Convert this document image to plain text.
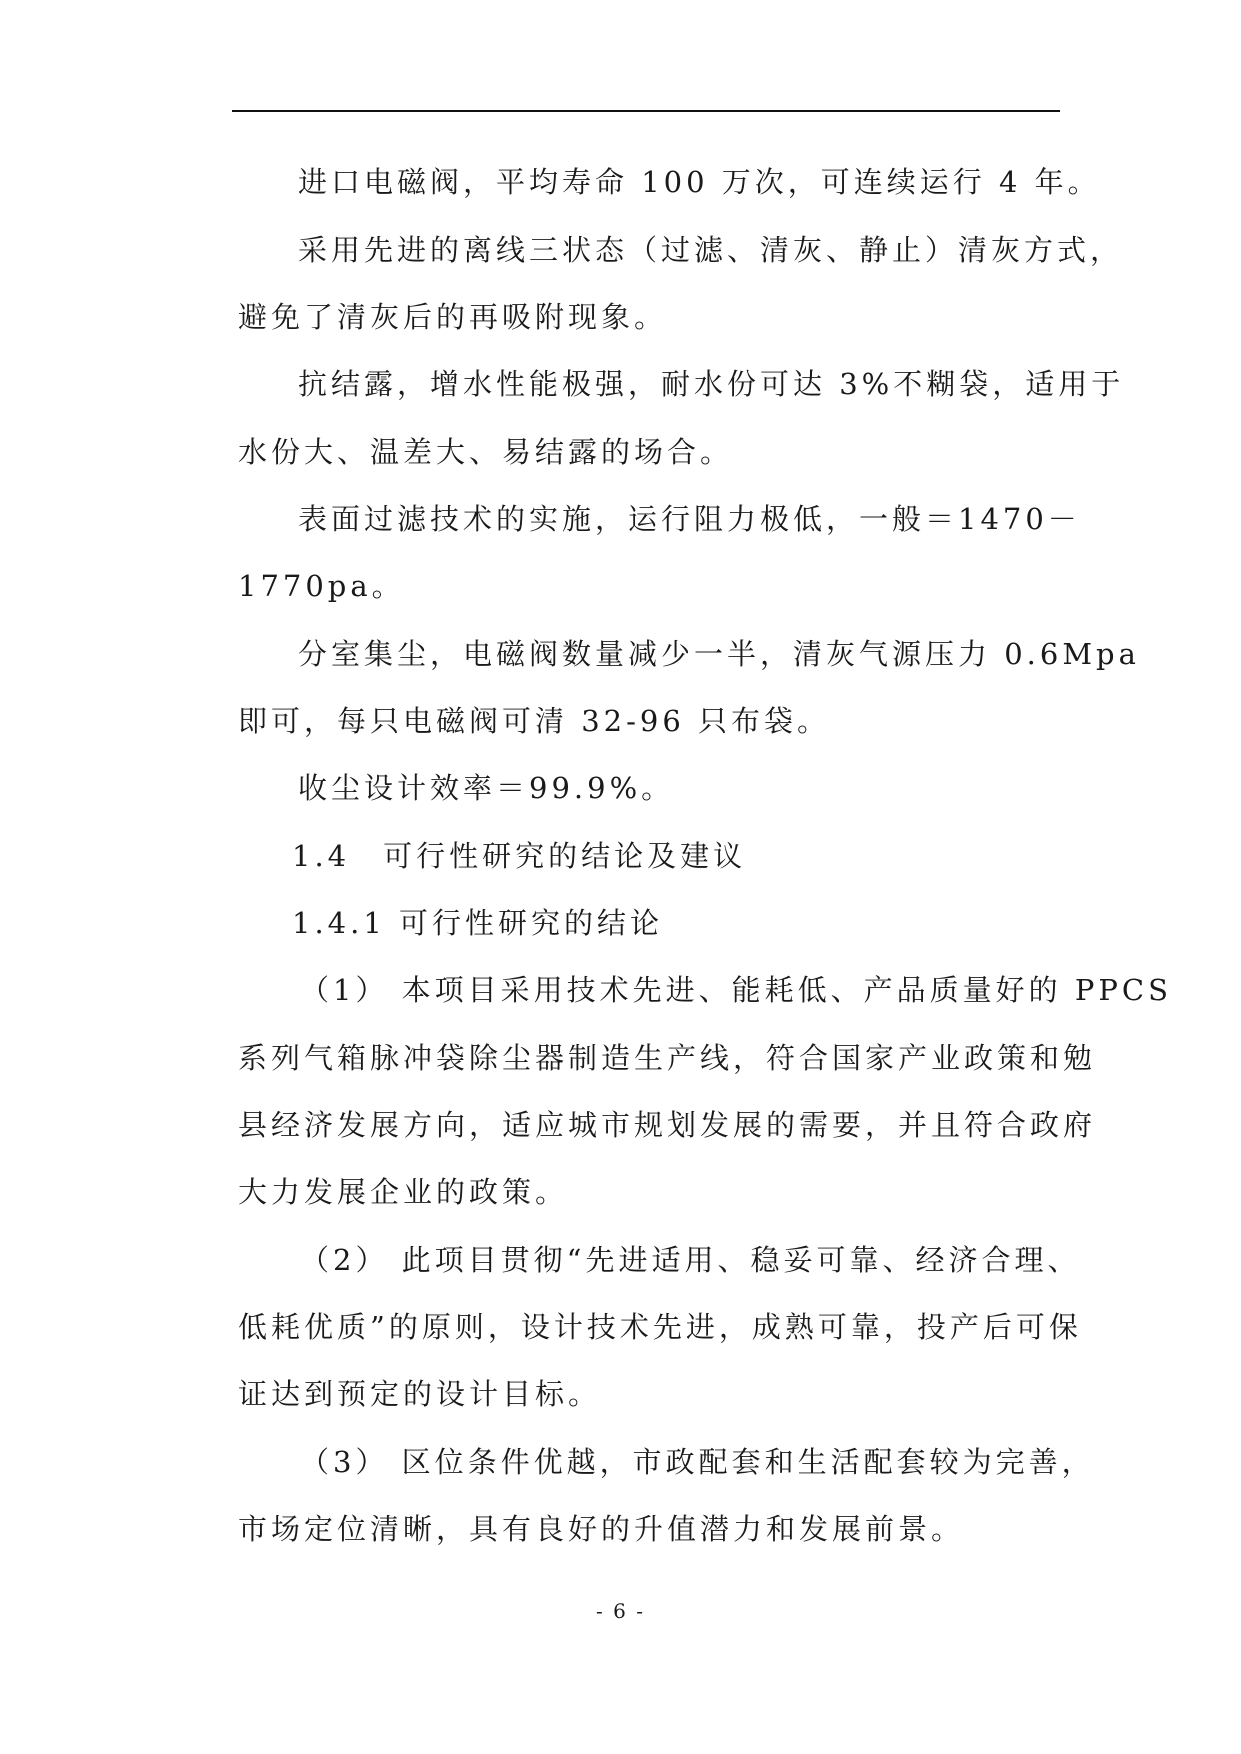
进口电磁阀，平均寿命 100 万次，可连续运行 4 年。
采用先进的离线三状态（过滤、清灰、静止）清灰方式，
避免了清灰后的再吸附现象。
抗结露，增水性能极强，耐水份可达 3%不糊袋，适用于
水份大、温差大、易结露的场合。
表面过滤技术的实施，运行阻力极低，一般＝1470－
1770pa。
分室集尘，电磁阀数量减少一半，清灰气源压力 0.6Mpa
即可，每只电磁阀可清 32-96 只布袋。
收尘设计效率＝99.9%。
1.4　可行性研究的结论及建议
1.4.1 可行性研究的结论
（1） 本项目采用技术先进、能耗低、产品质量好的 PPCS
系列气箱脉冲袋除尘器制造生产线，符合国家产业政策和勉
县经济发展方向，适应城市规划发展的需要，并且符合政府
大力发展企业的政策。
（2） 此项目贯彻“先进适用、稳妥可靠、经济合理、
低耗优质”的原则，设计技术先进，成熟可靠，投产后可保
证达到预定的设计目标。
（3） 区位条件优越，市政配套和生活配套较为完善，
市场定位清晰，具有良好的升值潜力和发展前景。
- 6 -
